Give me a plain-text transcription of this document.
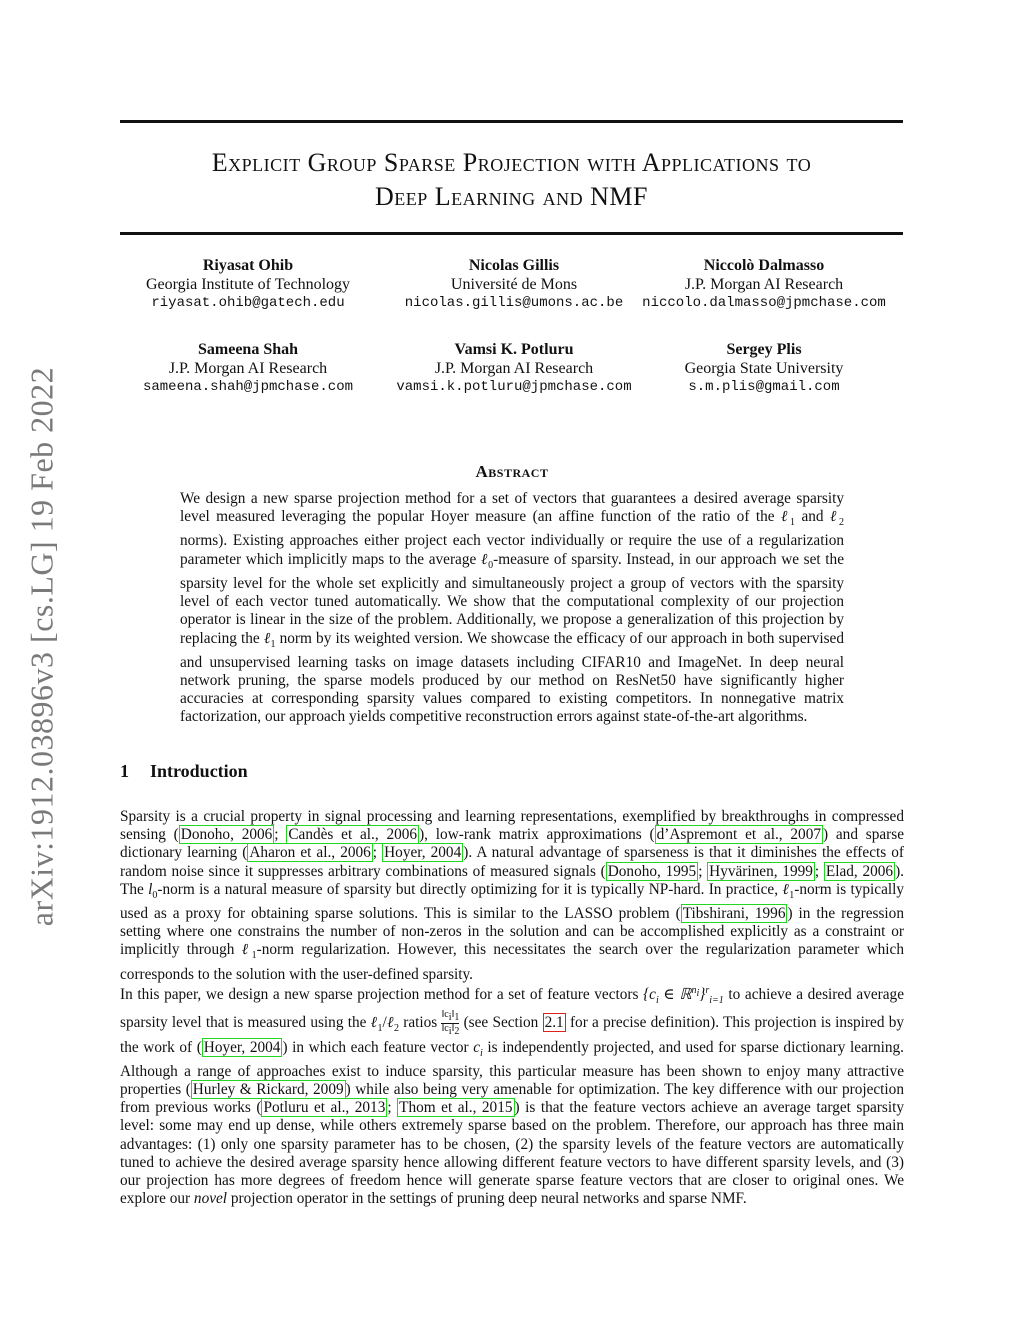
arXiv:1912.03896v3 [cs.LG] 19 Feb 2022
Explicit Group Sparse Projection with Applications to
Deep Learning and NMF
Riyasat Ohib
Georgia Institute of Technology
riyasat.ohib@gatech.edu
Nicolas Gillis
Université de Mons
nicolas.gillis@umons.ac.be
Niccolò Dalmasso
J.P. Morgan AI Research
niccolo.dalmasso@jpmchase.com
Sameena Shah
J.P. Morgan AI Research
sameena.shah@jpmchase.com
Vamsi K. Potluru
J.P. Morgan AI Research
vamsi.k.potluru@jpmchase.com
Sergey Plis
Georgia State University
s.m.plis@gmail.com
Abstract
We design a new sparse projection method for a set of vectors that guarantees a desired average sparsity level measured leveraging the popular Hoyer measure (an affine function of the ratio of the ℓ$_1$ and ℓ$_2$ norms). Existing approaches either project each vector individually or require the use of a regularization parameter which implicitly maps to the average ℓ$_0$-measure of sparsity. Instead, in our approach we set the sparsity level for the whole set explicitly and simultaneously project a group of vectors with the sparsity level of each vector tuned automatically. We show that the computational complexity of our projection operator is linear in the size of the problem. Additionally, we propose a generalization of this projection by replacing the ℓ$_1$ norm by its weighted version. We showcase the efficacy of our approach in both supervised and unsupervised learning tasks on image datasets including CIFAR10 and ImageNet. In deep neural network pruning, the sparse models produced by our method on ResNet50 have significantly higher accuracies at corresponding sparsity values compared to existing competitors. In nonnegative matrix factorization, our approach yields competitive reconstruction errors against state-of-the-art algorithms.
1 Introduction
Sparsity is a crucial property in signal processing and learning representations, exemplified by breakthroughs in compressed sensing ( Donoho, 2006 ; Candès et al., 2006 ), low-rank matrix approximations ( d’Aspremont et al., 2007 ) and sparse dictionary learning ( Aharon et al., 2006 ; Hoyer, 2004 ). A natural advantage of sparseness is that it diminishes the effects of random noise since it suppresses arbitrary combinations of measured signals ( Donoho, 1995 ; Hyvärinen, 1999 ; Elad, 2006 ). The $l_0$-norm is a natural measure of sparsity but directly optimizing for it is typically NP-hard. In practice, ℓ$_1$-norm is typically used as a proxy for obtaining sparse solutions. This is similar to the LASSO problem ( Tibshirani, 1996 ) in the regression setting where one constrains the number of non-zeros in the solution and can be accomplished explicitly as a constraint or implicitly through ℓ$_1$-norm regularization. However, this necessitates the search over the regularization parameter which corresponds to the solution with the user-defined sparsity.
In this paper, we design a new sparse projection method for a set of feature vectors {$c_i$ ∈ ℝ$^{n_i}$}$^r_{i=1}$ to achieve a desired average sparsity level that is measured using the ℓ$_1$/ℓ$_2$ ratios $\frac{‖c_i‖_1}{‖c_i‖_2} (see$ Section 2.1 for a precise definition). This projection is inspired by the work of ( Hoyer, 2004 ) in which each feature vector $c_i$ is independently projected, and used for sparse dictionary learning. Although a range of approaches exist to induce sparsity, this particular measure has been shown to enjoy many attractive properties ( Hurley & Rickard, 2009 ) while also being very amenable for optimization. The key difference with our projection from previous works ( Potluru et al., 2013 ; Thom et al., 2015 ) is that the feature vectors achieve an average target sparsity level: some may end up dense, while others extremely sparse based on the problem. Therefore, our approach has three main advantages: (1) only one sparsity parameter has to be chosen, (2) the sparsity levels of the feature vectors are automatically tuned to achieve the desired average sparsity hence allowing different feature vectors to have different sparsity levels, and (3) our projection has more degrees of freedom hence will generate sparse feature vectors that are closer to original ones. We explore our novel projection operator in the settings of pruning deep neural networks and sparse NMF.
